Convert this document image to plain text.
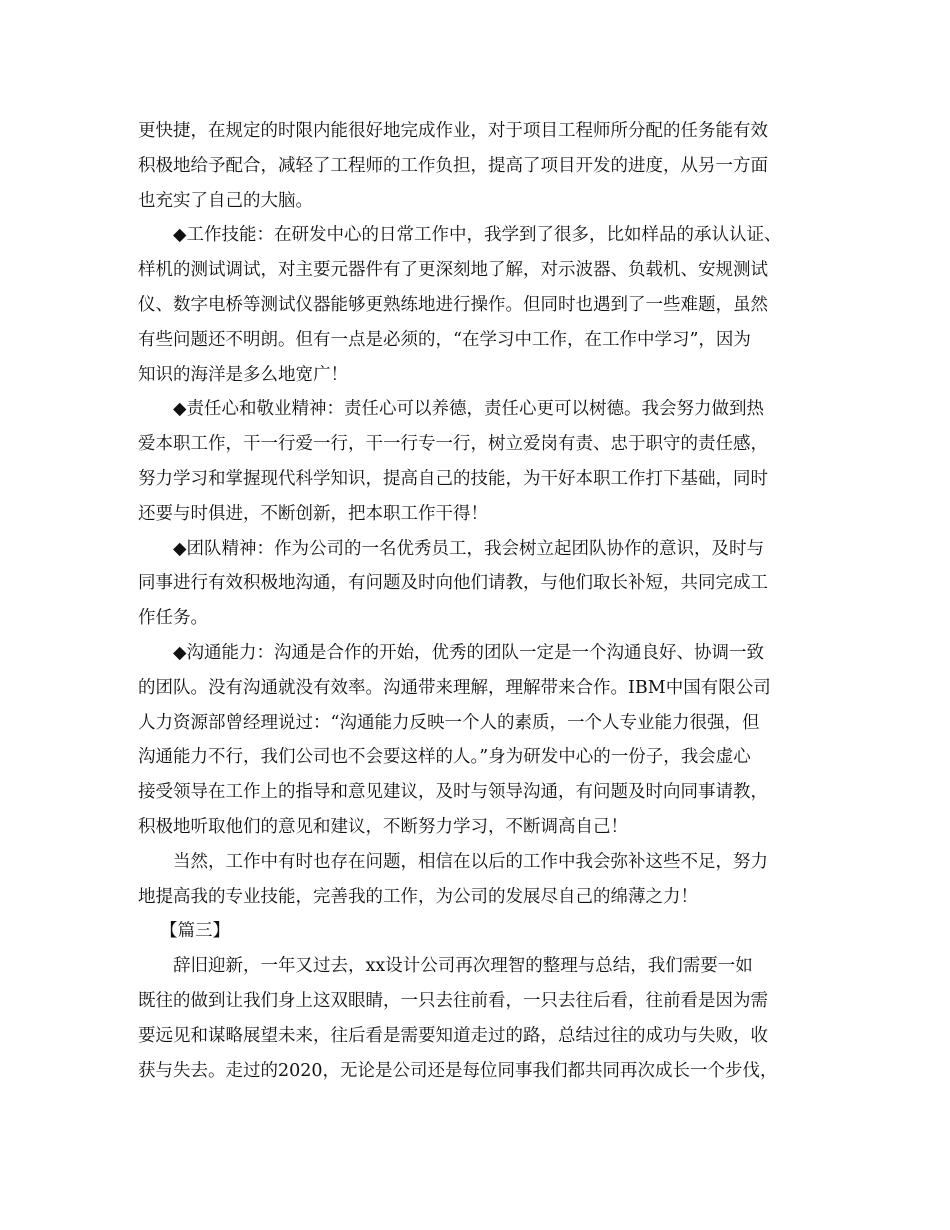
更快捷，在规定的时限内能很好地完成作业，对于项目工程师所分配的任务能有效
积极地给予配合，减轻了工程师的工作负担，提高了项目开发的进度，从另一方面
也充实了自己的大脑。
◆工作技能：在研发中心的日常工作中，我学到了很多，比如样品的承认认证、
样机的测试调试，对主要元器件有了更深刻地了解，对示波器、负载机、安规测试
仪、数字电桥等测试仪器能够更熟练地进行操作。但同时也遇到了一些难题，虽然
有些问题还不明朗。但有一点是必须的，“在学习中工作，在工作中学习”，因为
知识的海洋是多么地宽广！
◆责任心和敬业精神：责任心可以养德，责任心更可以树德。我会努力做到热
爱本职工作，干一行爱一行，干一行专一行，树立爱岗有责、忠于职守的责任感，
努力学习和掌握现代科学知识，提高自己的技能，为干好本职工作打下基础，同时
还要与时俱进，不断创新，把本职工作干得！
◆团队精神：作为公司的一名优秀员工，我会树立起团队协作的意识，及时与
同事进行有效积极地沟通，有问题及时向他们请教，与他们取长补短，共同完成工
作任务。
◆沟通能力：沟通是合作的开始，优秀的团队一定是一个沟通良好、协调一致
的团队。没有沟通就没有效率。沟通带来理解，理解带来合作。IBM中国有限公司
人力资源部曾经理说过：“沟通能力反映一个人的素质，一个人专业能力很强，但
沟通能力不行，我们公司也不会要这样的人。”身为研发中心的一份子，我会虚心
接受领导在工作上的指导和意见建议，及时与领导沟通，有问题及时向同事请教，
积极地听取他们的意见和建议，不断努力学习，不断调高自己！
当然，工作中有时也存在问题，相信在以后的工作中我会弥补这些不足，努力
地提高我的专业技能，完善我的工作，为公司的发展尽自己的绵薄之力！
【篇三】
辞旧迎新，一年又过去，xx设计公司再次理智的整理与总结，我们需要一如
既往的做到让我们身上这双眼睛，一只去往前看，一只去往后看，往前看是因为需
要远见和谋略展望未来，往后看是需要知道走过的路，总结过往的成功与失败，收
获与失去。走过的2020，无论是公司还是每位同事我们都共同再次成长一个步伐，
